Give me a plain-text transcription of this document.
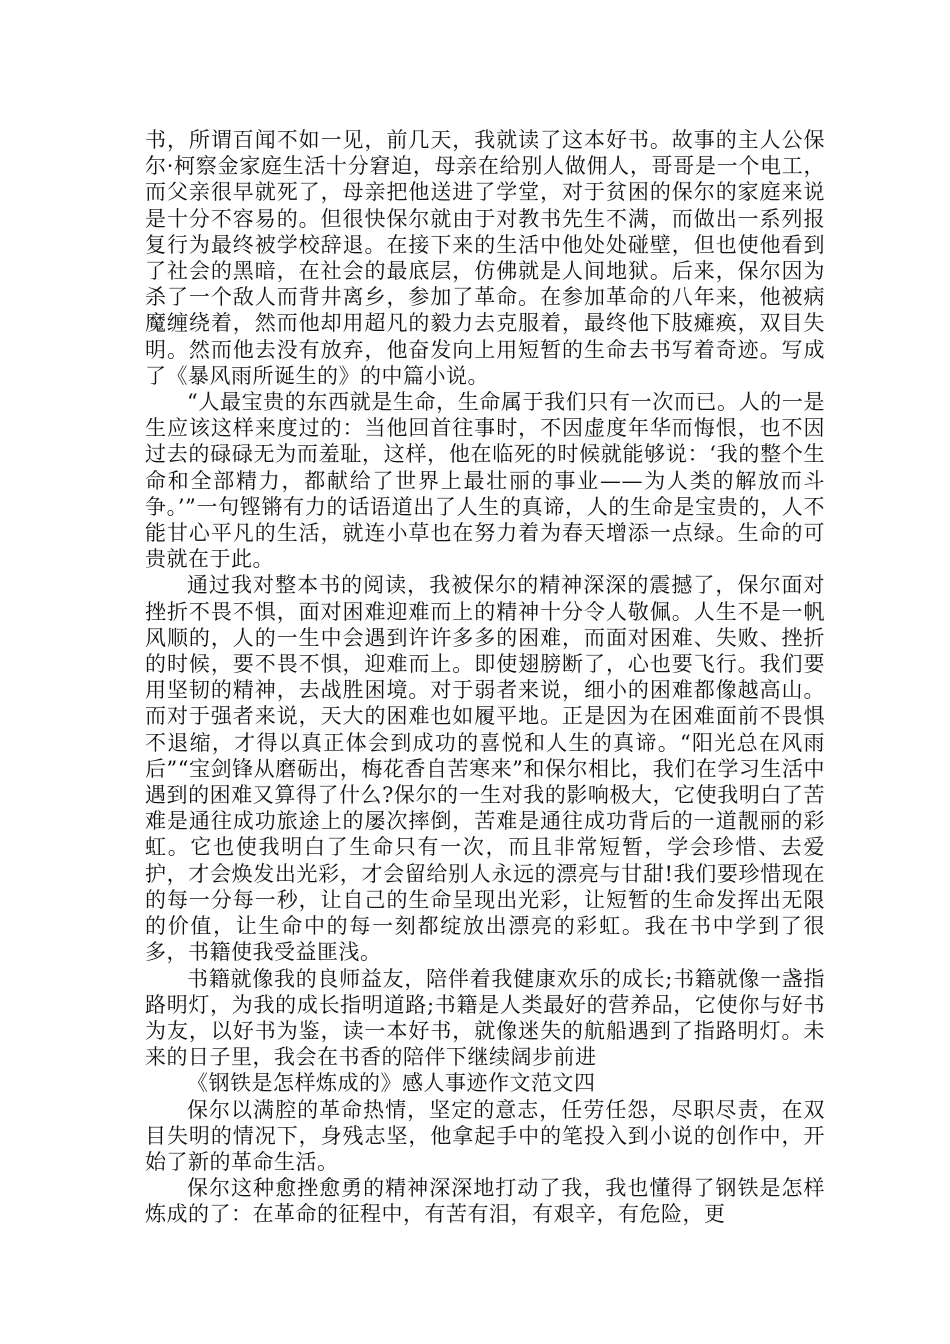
书，所谓百闻不如一见，前几天，我就读了这本好书。故事的主人公保尔·柯察金家庭生活十分窘迫，母亲在给别人做佣人，哥哥是一个电工，而父亲很早就死了，母亲把他送进了学堂，对于贫困的保尔的家庭来说是十分不容易的。但很快保尔就由于对教书先生不满，而做出一系列报复行为最终被学校辞退。在接下来的生活中他处处碰壁，但也使他看到了社会的黑暗，在社会的最底层，仿佛就是人间地狱。后来，保尔因为杀了一个敌人而背井离乡，参加了革命。在参加革命的八年来，他被病魔缠绕着，然而他却用超凡的毅力去克服着，最终他下肢瘫痪，双目失明。然而他去没有放弃，他奋发向上用短暂的生命去书写着奇迹。写成了《暴风雨所诞生的》的中篇小说。

“人最宝贵的东西就是生命，生命属于我们只有一次而已。人的一是生应该这样来度过的：当他回首往事时，不因虚度年华而悔恨，也不因过去的碌碌无为而羞耻，这样，他在临死的时候就能够说：‘我的整个生命和全部精力，都献给了世界上最壮丽的事业——为人类的解放而斗争。’”一句铿锵有力的话语道出了人生的真谛，人的生命是宝贵的，人不能甘心平凡的生活，就连小草也在努力着为春天增添一点绿。生命的可贵就在于此。

通过我对整本书的阅读，我被保尔的精神深深的震撼了，保尔面对挫折不畏不惧，面对困难迎难而上的精神十分令人敬佩。人生不是一帆风顺的，人的一生中会遇到许许多多的困难，而面对困难、失败、挫折的时候，要不畏不惧，迎难而上。即使翅膀断了，心也要飞行。我们要用坚韧的精神，去战胜困境。对于弱者来说，细小的困难都像越高山。而对于强者来说，天大的困难也如履平地。正是因为在困难面前不畏惧不退缩，才得以真正体会到成功的喜悦和人生的真谛。“阳光总在风雨后”“宝剑锋从磨砺出，梅花香自苦寒来”和保尔相比，我们在学习生活中遇到的困难又算得了什么?保尔的一生对我的影响极大，它使我明白了苦难是通往成功旅途上的屡次摔倒，苦难是通往成功背后的一道靓丽的彩虹。它也使我明白了生命只有一次，而且非常短暂，学会珍惜、去爱护，才会焕发出光彩，才会留给别人永远的漂亮与甘甜!我们要珍惜现在的每一分每一秒，让自己的生命呈现出光彩，让短暂的生命发挥出无限的价值，让生命中的每一刻都绽放出漂亮的彩虹。我在书中学到了很多，书籍使我受益匪浅。

书籍就像我的良师益友，陪伴着我健康欢乐的成长;书籍就像一盏指路明灯，为我的成长指明道路;书籍是人类最好的营养品，它使你与好书为友，以好书为鉴，读一本好书，就像迷失的航船遇到了指路明灯。未来的日子里，我会在书香的陪伴下继续阔步前进

《钢铁是怎样炼成的》感人事迹作文范文四

保尔以满腔的革命热情，坚定的意志，任劳任怨，尽职尽责，在双目失明的情况下，身残志坚，他拿起手中的笔投入到小说的创作中，开始了新的革命生活。

保尔这种愈挫愈勇的精神深深地打动了我，我也懂得了钢铁是怎样炼成的了：在革命的征程中，有苦有泪，有艰辛，有危险，更
